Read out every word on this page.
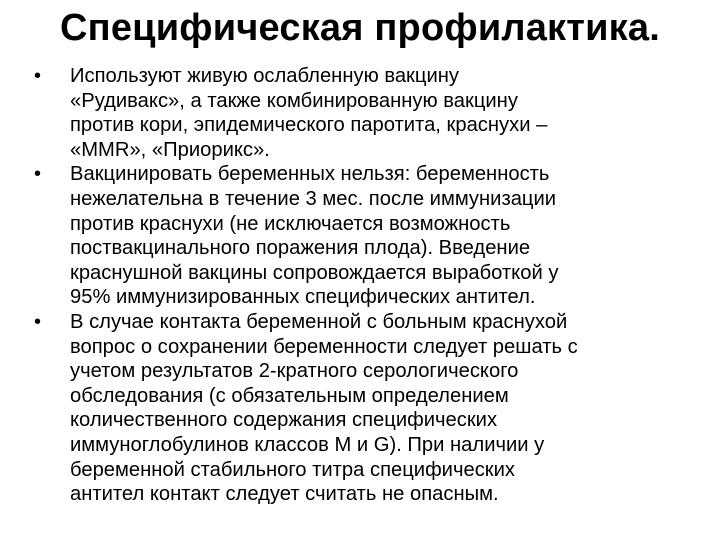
Специфическая профилактика.
•	Используют живую ослабленную вакцину
«Рудивакс», а также комбинированную вакцину
против кори, эпидемического паротита, краснухи –
«MMR», «Приорикс».
•	Вакцинировать беременных нельзя: беременность
нежелательна в течение 3 мес. после иммунизации
против краснухи (не исключается возможность
поствакцинального поражения плода). Введение
краснушной вакцины сопровождается выработкой у
95% иммунизированных специфических антител.
•	В случае контакта беременной с больным краснухой
вопрос о сохранении беременности следует решать с
учетом результатов 2-кратного серологического
обследования (с обязательным определением
количественного содержания специфических
иммуноглобулинов классов М и G). При наличии у
беременной стабильного титра специфических
антител контакт следует считать не опасным.
